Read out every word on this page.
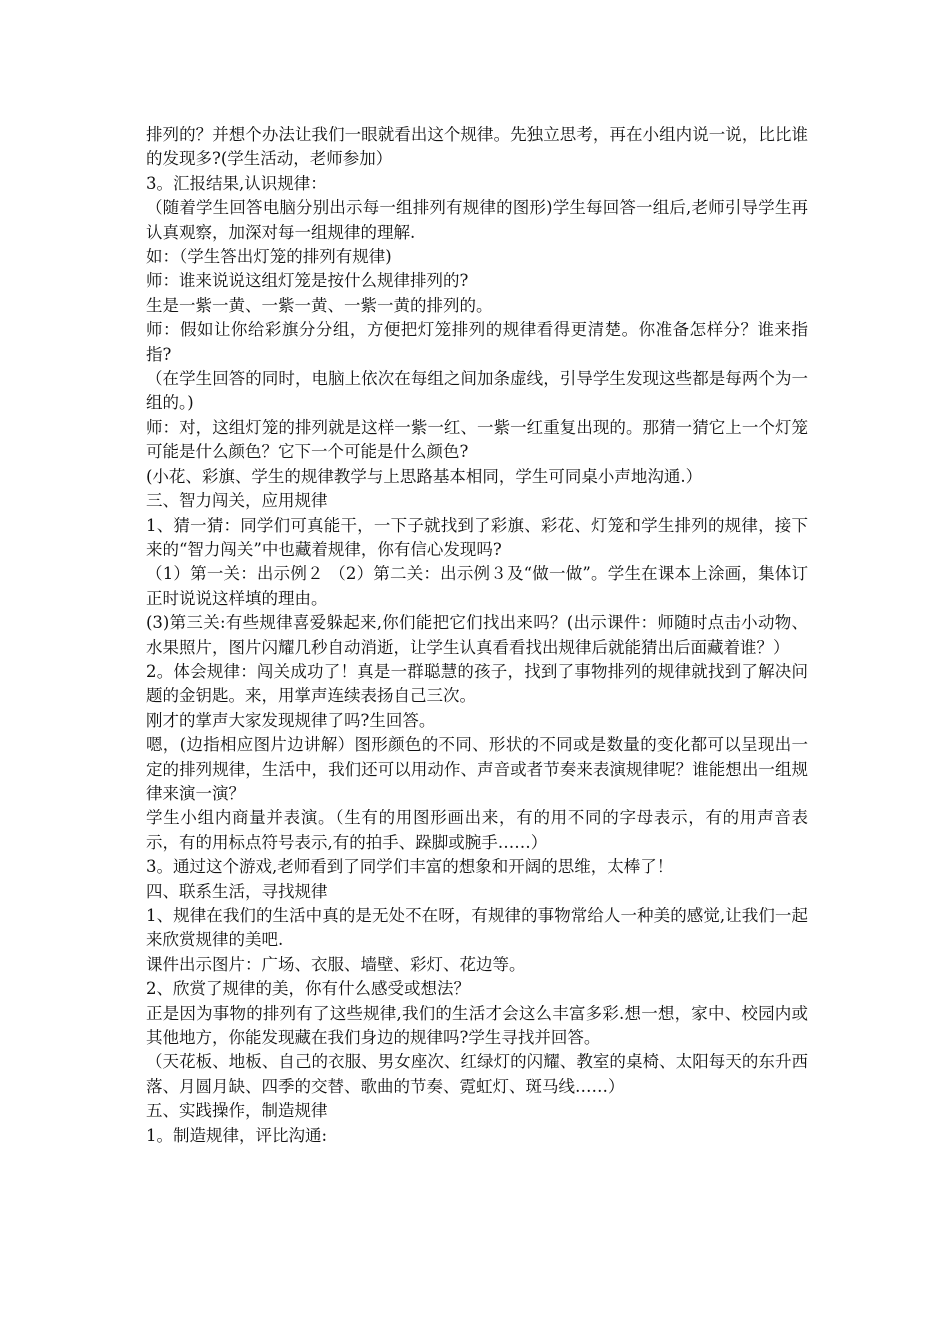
排列的？并想个办法让我们一眼就看出这个规律。先独立思考，再在小组内说一说，比比谁的发现多?(学生活动，老师参加）

3。汇报结果,认识规律：

（随着学生回答电脑分别出示每一组排列有规律的图形)学生每回答一组后,老师引导学生再认真观察，加深对每一组规律的理解.

如：（学生答出灯笼的排列有规律)

师：谁来说说这组灯笼是按什么规律排列的?

生是一紫一黄、一紫一黄、一紫一黄的排列的。

师：假如让你给彩旗分分组，方便把灯笼排列的规律看得更清楚。你准备怎样分？谁来指指?

（在学生回答的同时，电脑上依次在每组之间加条虚线，引导学生发现这些都是每两个为一组的。)

师：对，这组灯笼的排列就是这样一紫一红、一紫一红重复出现的。那猜一猜它上一个灯笼可能是什么颜色？它下一个可能是什么颜色?

(小花、彩旗、学生的规律教学与上思路基本相同，学生可同桌小声地沟通.）

三、智力闯关，应用规律

1、猜一猜：同学们可真能干，一下子就找到了彩旗、彩花、灯笼和学生排列的规律，接下来的“智力闯关”中也藏着规律，你有信心发现吗?

（1）第一关：出示例２ （2）第二关：出示例３及“做一做”。学生在课本上涂画，集体订正时说说这样填的理由。

(3)第三关:有些规律喜爱躲起来,你们能把它们找出来吗？(出示课件：师随时点击小动物、水果照片，图片闪耀几秒自动消逝，让学生认真看看找出规律后就能猜出后面藏着谁？）

2。体会规律：闯关成功了！真是一群聪慧的孩子，找到了事物排列的规律就找到了解决问题的金钥匙。来，用掌声连续表扬自己三次。

刚才的掌声大家发现规律了吗?生回答。

嗯，(边指相应图片边讲解）图形颜色的不同、形状的不同或是数量的变化都可以呈现出一定的排列规律，生活中，我们还可以用动作、声音或者节奏来表演规律呢？谁能想出一组规律来演一演？

学生小组内商量并表演。（生有的用图形画出来，有的用不同的字母表示，有的用声音表示，有的用标点符号表示,有的拍手、跺脚或腕手……）

3。通过这个游戏,老师看到了同学们丰富的想象和开阔的思维，太棒了！

四、联系生活，寻找规律

1、规律在我们的生活中真的是无处不在呀，有规律的事物常给人一种美的感觉,让我们一起来欣赏规律的美吧.

课件出示图片：广场、衣服、墙壁、彩灯、花边等。

2、欣赏了规律的美，你有什么感受或想法？

正是因为事物的排列有了这些规律,我们的生活才会这么丰富多彩.想一想，家中、校园内或其他地方，你能发现藏在我们身边的规律吗?学生寻找并回答。

（天花板、地板、自己的衣服、男女座次、红绿灯的闪耀、教室的桌椅、太阳每天的东升西落、月圆月缺、四季的交替、歌曲的节奏、霓虹灯、斑马线……）

五、实践操作，制造规律

1。制造规律，评比沟通:
